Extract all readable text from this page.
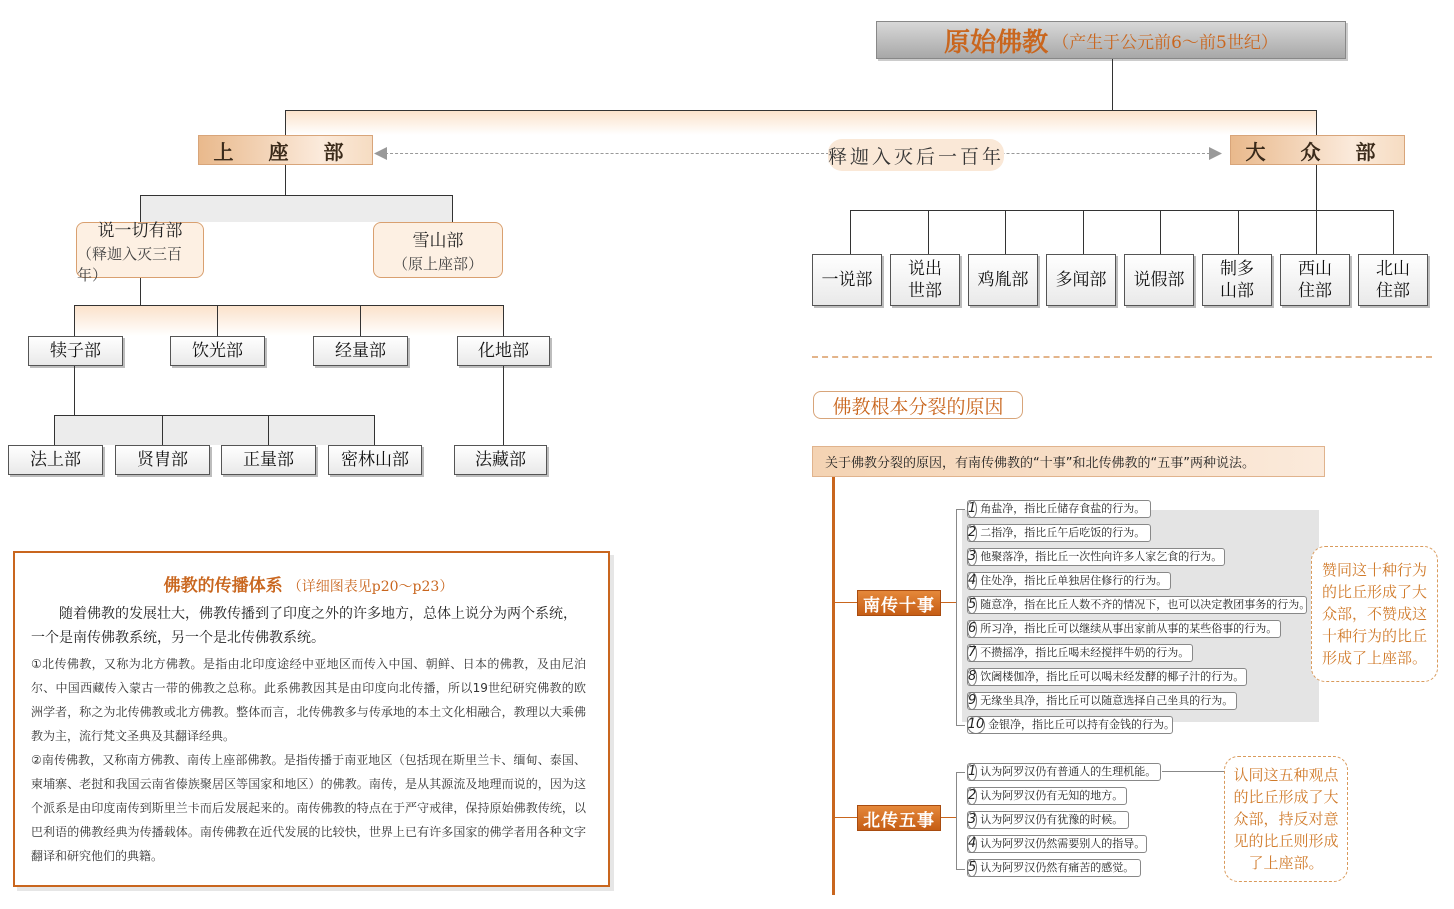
原始佛教 （产生于公元前6～前5世纪）
上 座 部	大 众 部
释迦入灭后一百年
说一切有部
（释迦入灭三百年）
雪山部
（原上座部）
犊子部	饮光部	经量部	化地部
法上部	贤胄部	正量部	密林山部	法藏部
一说部
说出世部
鸡胤部	多闻部	说假部
制多山部
西山住部
北山住部
佛教根本分裂的原因
关于佛教分裂的原因，有南传佛教的“十事”和北传佛教的“五事”两种说法。
南传十事
1 角盐净，指比丘储存食盐的行为。
2 二指净，指比丘午后吃饭的行为。
3 他聚落净，指比丘一次性向许多人家乞食的行为。
4 住处净，指比丘单独居住修行的行为。
5 随意净，指在比丘人数不齐的情况下，也可以决定教团事务的行为。
6 所习净，指比丘可以继续从事出家前从事的某些俗事的行为。
7 不攒摇净，指比丘喝未经搅拌牛奶的行为。
8 饮阇楼伽净，指比丘可以喝未经发酵的椰子汁的行为。
9 无缘坐具净，指比丘可以随意选择自己坐具的行为。
10 金银净，指比丘可以持有金钱的行为。
赞同这十种行为的比丘形成了大众部，不赞成这十种行为的比丘形成了上座部。
北传五事
1 认为阿罗汉仍有普通人的生理机能。
2 认为阿罗汉仍有无知的地方。
3 认为阿罗汉仍有犹豫的时候。
4 认为阿罗汉仍然需要别人的指导。
5 认为阿罗汉仍然有痛苦的感觉。
认同这五种观点的比丘形成了大众部，持反对意见的比丘则形成了上座部。
佛教的传播体系 （详细图表见p20～p23）

随着佛教的发展壮大，佛教传播到了印度之外的许多地方，总体上说分为两个系统，一个是南传佛教系统，另一个是北传佛教系统。

①北传佛教，又称为北方佛教。是指由北印度途经中亚地区而传入中国、朝鲜、日本的佛教，及由尼泊尔、中国西藏传入蒙古一带的佛教之总称。此系佛教因其是由印度向北传播，所以19世纪研究佛教的欧洲学者，称之为北传佛教或北方佛教。整体而言，北传佛教多与传承地的本土文化相融合，教理以大乘佛教为主，流行梵文圣典及其翻译经典。

②南传佛教，又称南方佛教、南传上座部佛教。是指传播于南亚地区（包括现在斯里兰卡、缅甸、泰国、柬埔寨、老挝和我国云南省傣族聚居区等国家和地区）的佛教。南传，是从其源流及地理而说的，因为这个派系是由印度南传到斯里兰卡而后发展起来的。南传佛教的特点在于严守戒律，保持原始佛教传统，以巴利语的佛教经典为传播载体。南传佛教在近代发展的比较快，世界上已有许多国家的佛学者用各种文字翻译和研究他们的典籍。
